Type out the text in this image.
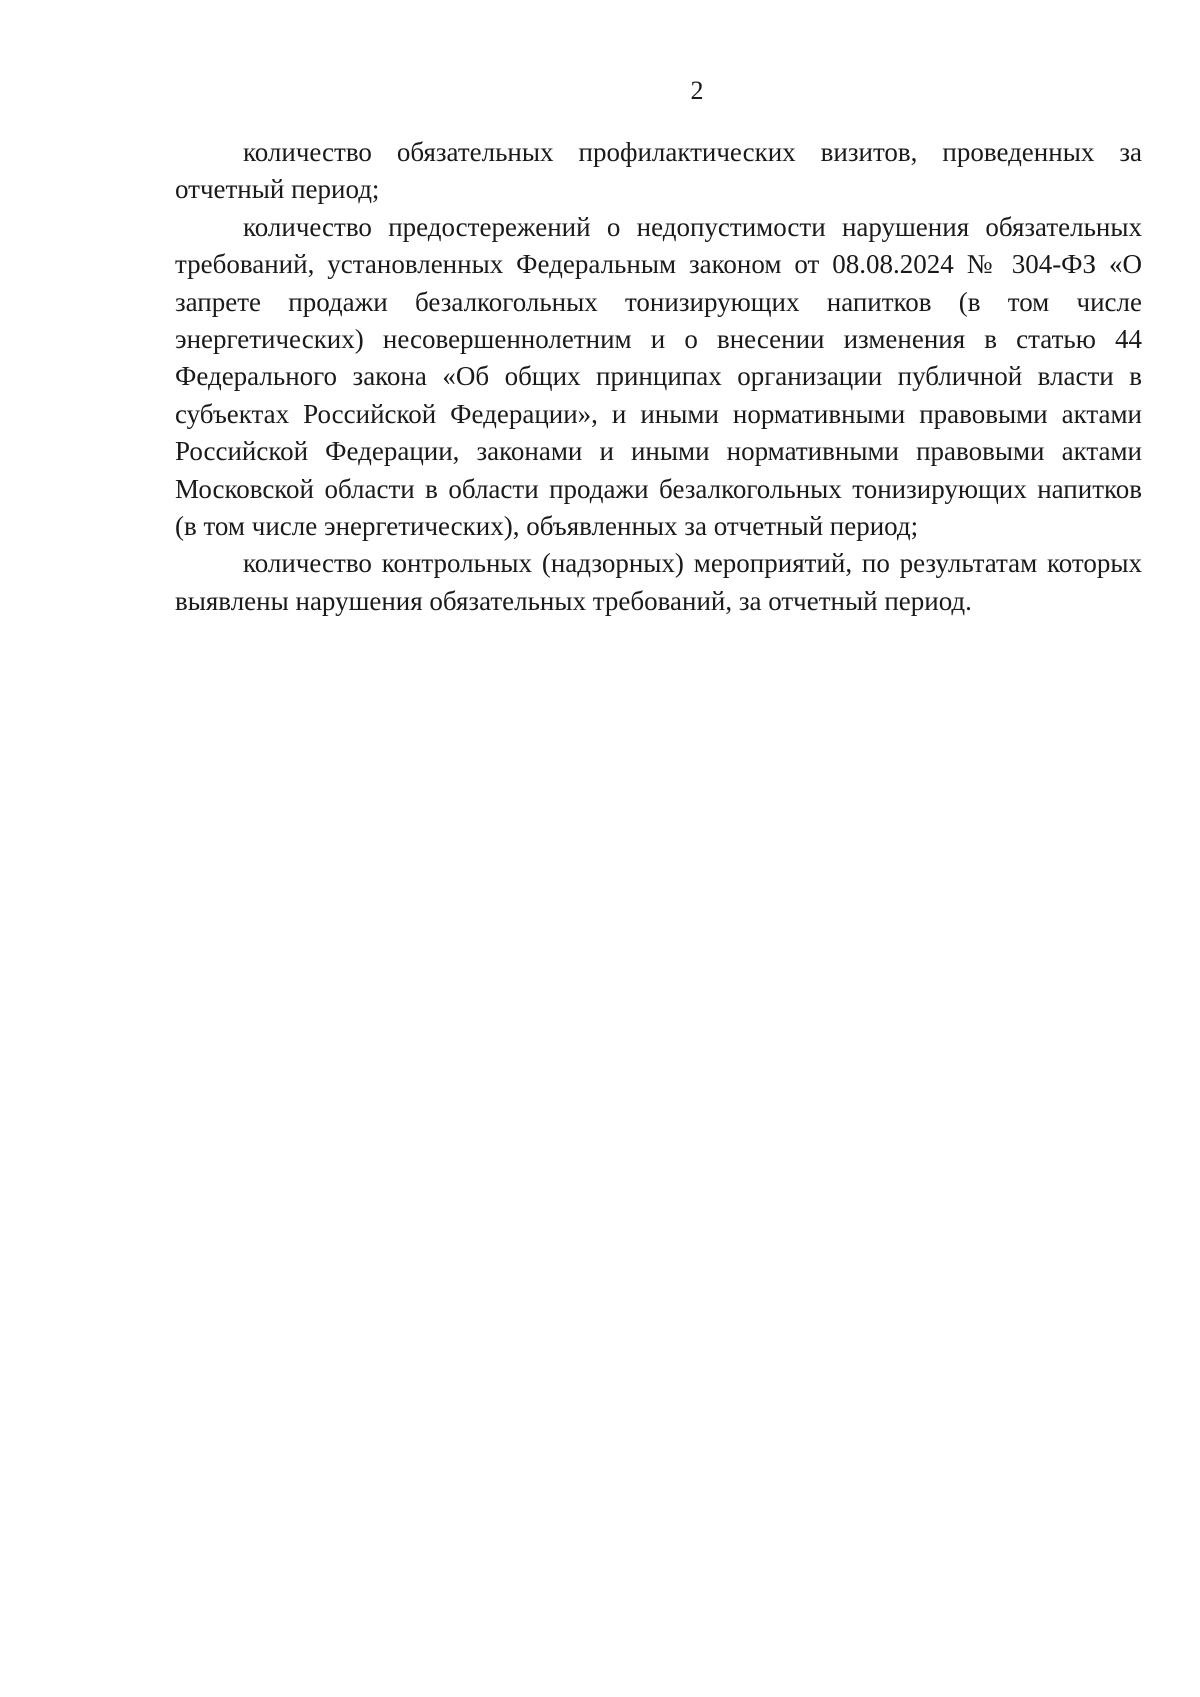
2

количество обязательных профилактических визитов, проведенных за отчетный период;

количество предостережений о недопустимости нарушения обязательных требований, установленных Федеральным законом от 08.08.2024 № 304-ФЗ «О запрете продажи безалкогольных тонизирующих напитков (в том числе энергетических) несовершеннолетним и о внесении изменения в статью 44 Федерального закона «Об общих принципах организации публичной власти в субъектах Российской Федерации», и иными нормативными правовыми актами Российской Федерации, законами и иными нормативными правовыми актами Московской области в области продажи безалкогольных тонизирующих напитков (в том числе энергетических), объявленных за отчетный период;

количество контрольных (надзорных) мероприятий, по результатам которых выявлены нарушения обязательных требований, за отчетный период.
